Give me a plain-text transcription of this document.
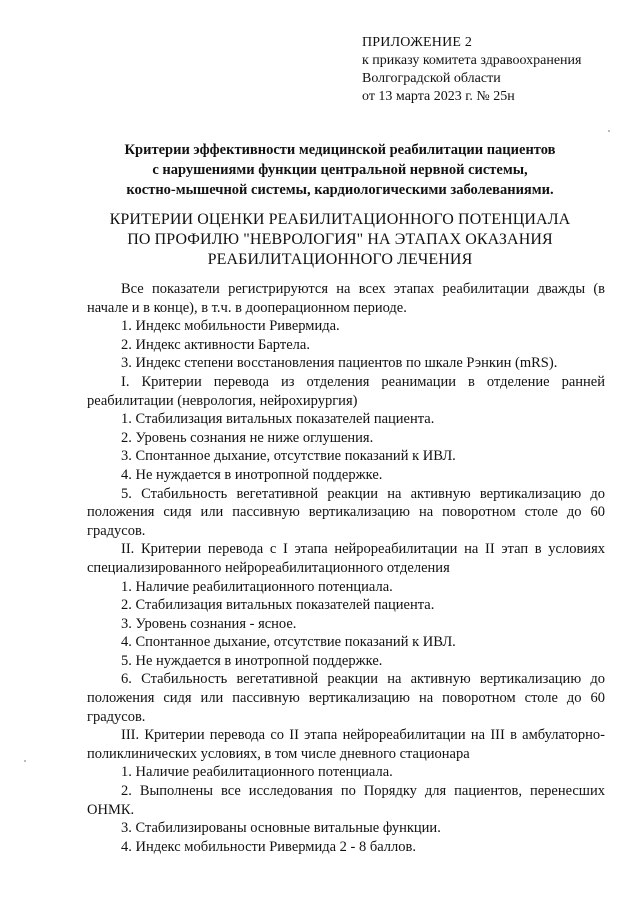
ПРИЛОЖЕНИЕ 2
к приказу комитета здравоохранения
Волгоградской области
от 13 марта 2023 г. № 25н
Критерии эффективности медицинской реабилитации пациентов
с нарушениями функции центральной нервной системы,
костно-мышечной системы, кардиологическими заболеваниями.
КРИТЕРИИ ОЦЕНКИ РЕАБИЛИТАЦИОННОГО ПОТЕНЦИАЛА
ПО ПРОФИЛЮ "НЕВРОЛОГИЯ" НА ЭТАПАХ ОКАЗАНИЯ
РЕАБИЛИТАЦИОННОГО ЛЕЧЕНИЯ

Все показатели регистрируются на всех этапах реабилитации дважды (в начале и в конце), в т.ч. в дооперационном периоде.

1. Индекс мобильности Ривермида.

2. Индекс активности Бартела.

3. Индекс степени восстановления пациентов по шкале Рэнкин (mRS).

I. Критерии перевода из отделения реанимации в отделение ранней реабилитации (неврология, нейрохирургия)

1. Стабилизация витальных показателей пациента.

2. Уровень сознания не ниже оглушения.

3. Спонтанное дыхание, отсутствие показаний к ИВЛ.

4. Не нуждается в инотропной поддержке.

5. Стабильность вегетативной реакции на активную вертикализацию до положения сидя или пассивную вертикализацию на поворотном столе до 60 градусов.

II. Критерии перевода с I этапа нейрореабилитации на II этап в условиях специализированного нейрореабилитационного отделения

1. Наличие реабилитационного потенциала.

2. Стабилизация витальных показателей пациента.

3. Уровень сознания - ясное.

4. Спонтанное дыхание, отсутствие показаний к ИВЛ.

5. Не нуждается в инотропной поддержке.

6. Стабильность вегетативной реакции на активную вертикализацию до положения сидя или пассивную вертикализацию на поворотном столе до 60 градусов.

III. Критерии перевода со II этапа нейрореабилитации на III в амбулаторно-поликлинических условиях, в том числе дневного стационара

1. Наличие реабилитационного потенциала.

2. Выполнены все исследования по Порядку для пациентов, перенесших ОНМК.

3. Стабилизированы основные витальные функции.

4. Индекс мобильности Ривермида 2 - 8 баллов.
